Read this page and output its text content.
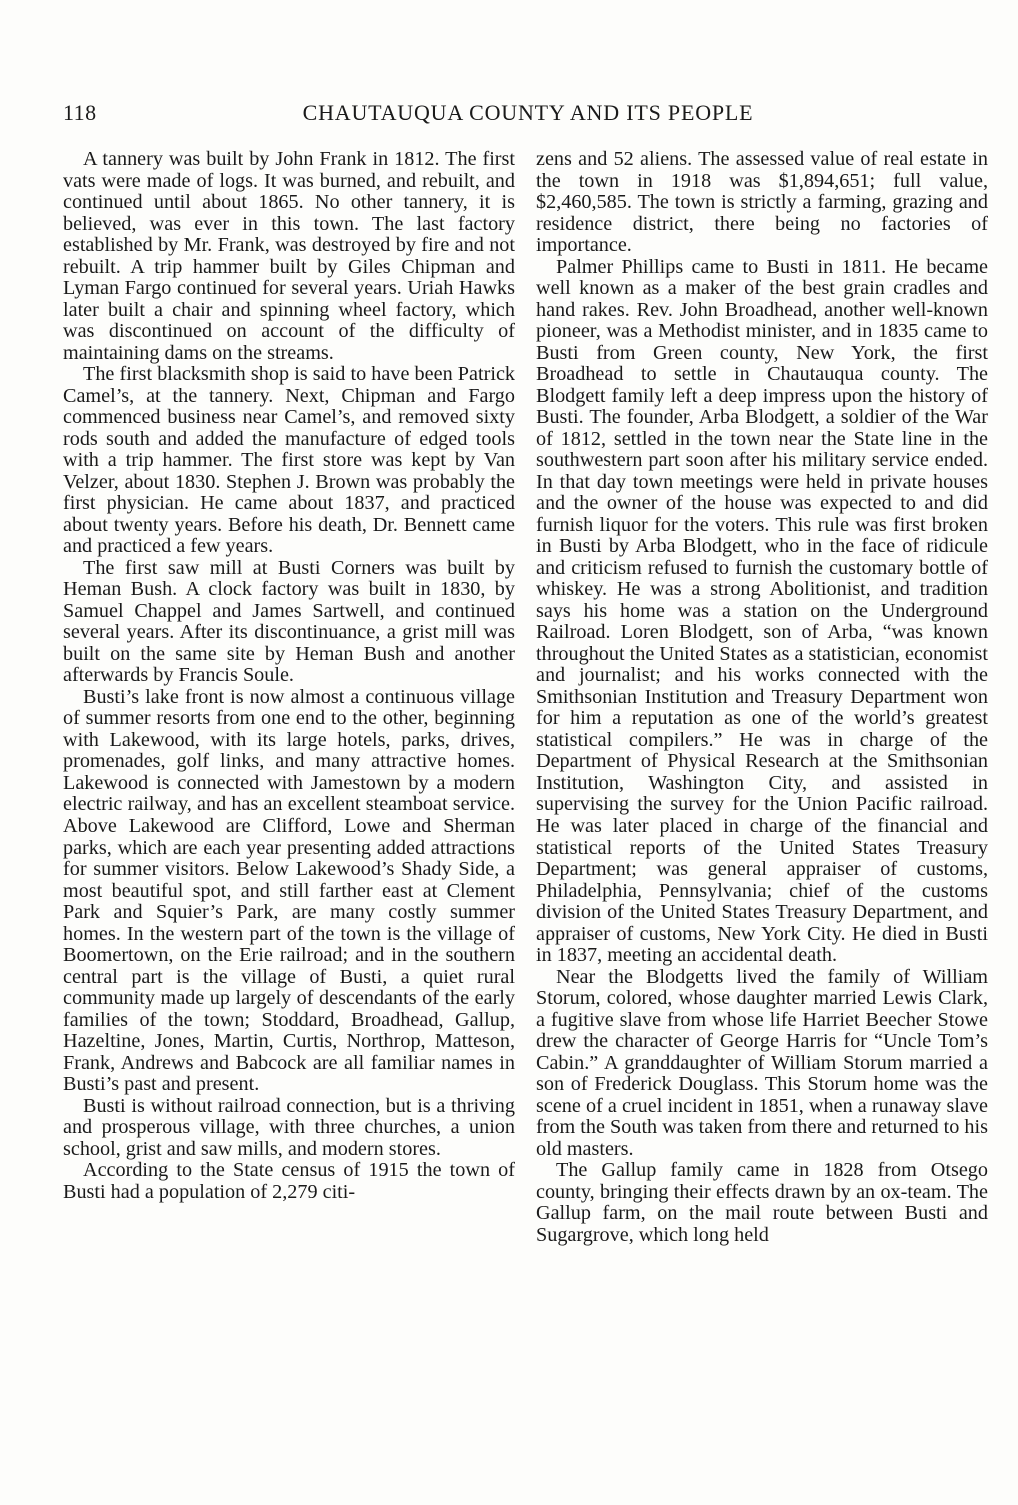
118	CHAUTAUQUA COUNTY AND ITS PEOPLE

A tannery was built by John Frank in 1812. The first vats were made of logs. It was burned, and rebuilt, and continued until about 1865. No other tannery, it is believed, was ever in this town. The last factory established by Mr. Frank, was destroyed by fire and not rebuilt. A trip hammer built by Giles Chipman and Lyman Fargo continued for several years. Uriah Hawks later built a chair and spinning wheel factory, which was discontinued on account of the difficulty of maintaining dams on the streams.

The first blacksmith shop is said to have been Patrick Camel’s, at the tannery. Next, Chipman and Fargo commenced business near Camel’s, and removed sixty rods south and added the manufacture of edged tools with a trip hammer. The first store was kept by Van Velzer, about 1830. Stephen J. Brown was probably the first physician. He came about 1837, and practiced about twenty years. Before his death, Dr. Bennett came and practiced a few years.

The first saw mill at Busti Corners was built by Heman Bush. A clock factory was built in 1830, by Samuel Chappel and James Sartwell, and continued several years. After its discontinuance, a grist mill was built on the same site by Heman Bush and another afterwards by Francis Soule.

Busti’s lake front is now almost a continuous village of summer resorts from one end to the other, beginning with Lakewood, with its large hotels, parks, drives, promenades, golf links, and many attractive homes. Lakewood is connected with Jamestown by a modern electric railway, and has an excellent steamboat service. Above Lakewood are Clifford, Lowe and Sherman parks, which are each year presenting added attractions for summer visitors. Below Lakewood’s Shady Side, a most beautiful spot, and still farther east at Clement Park and Squier’s Park, are many costly summer homes. In the western part of the town is the village of Boomertown, on the Erie railroad; and in the southern central part is the village of Busti, a quiet rural community made up largely of descendants of the early families of the town; Stoddard, Broadhead, Gallup, Hazeltine, Jones, Martin, Curtis, Northrop, Matteson, Frank, Andrews and Babcock are all familiar names in Busti’s past and present.

Busti is without railroad connection, but is a thriving and prosperous village, with three churches, a union school, grist and saw mills, and modern stores.

According to the State census of 1915 the town of Busti had a population of 2,279 citi-

zens and 52 aliens. The assessed value of real estate in the town in 1918 was $1,894,651; full value, $2,460,585. The town is strictly a farming, grazing and residence district, there being no factories of importance.

Palmer Phillips came to Busti in 1811. He became well known as a maker of the best grain cradles and hand rakes. Rev. John Broadhead, another well-known pioneer, was a Methodist minister, and in 1835 came to Busti from Green county, New York, the first Broadhead to settle in Chautauqua county. The Blodgett family left a deep impress upon the history of Busti. The founder, Arba Blodgett, a soldier of the War of 1812, settled in the town near the State line in the southwestern part soon after his military service ended. In that day town meetings were held in private houses and the owner of the house was expected to and did furnish liquor for the voters. This rule was first broken in Busti by Arba Blodgett, who in the face of ridicule and criticism refused to furnish the customary bottle of whiskey. He was a strong Abolitionist, and tradition says his home was a station on the Underground Railroad. Loren Blodgett, son of Arba, “was known throughout the United States as a statistician, economist and journalist; and his works connected with the Smithsonian Institution and Treasury Department won for him a reputation as one of the world’s greatest statistical compilers.” He was in charge of the Department of Physical Research at the Smithsonian Institution, Washington City, and assisted in supervising the survey for the Union Pacific railroad. He was later placed in charge of the financial and statistical reports of the United States Treasury Department; was general appraiser of customs, Philadelphia, Pennsylvania; chief of the customs division of the United States Treasury Department, and appraiser of customs, New York City. He died in Busti in 1837, meeting an accidental death.

Near the Blodgetts lived the family of William Storum, colored, whose daughter married Lewis Clark, a fugitive slave from whose life Harriet Beecher Stowe drew the character of George Harris for “Uncle Tom’s Cabin.” A granddaughter of William Storum married a son of Frederick Douglass. This Storum home was the scene of a cruel incident in 1851, when a runaway slave from the South was taken from there and returned to his old masters.

The Gallup family came in 1828 from Otsego county, bringing their effects drawn by an ox-team. The Gallup farm, on the mail route between Busti and Sugargrove, which long held
